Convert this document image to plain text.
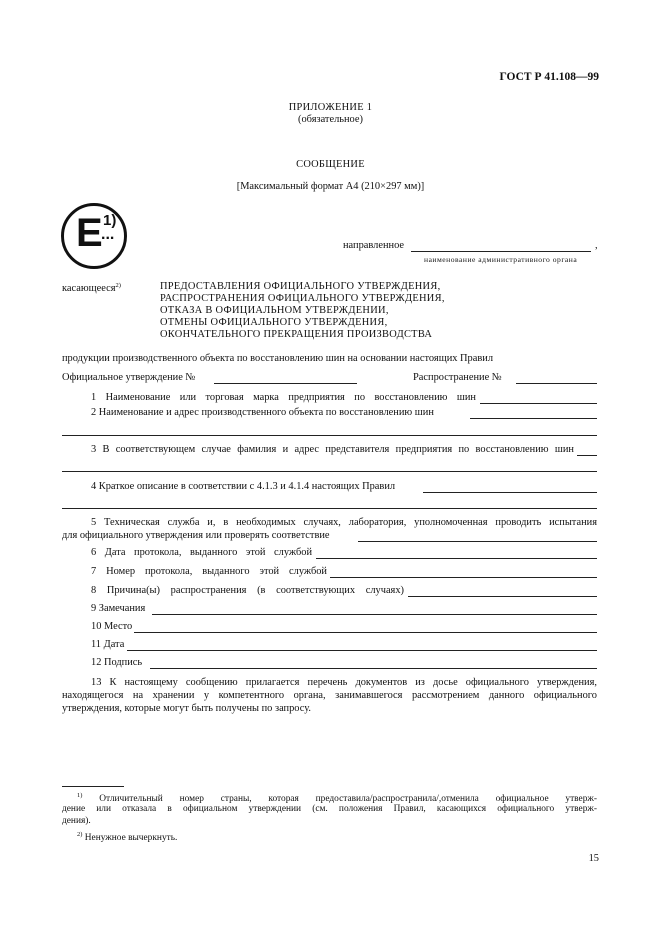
ГОСТ Р 41.108—99
ПРИЛОЖЕНИЕ 1
(обязательное)
СООБЩЕНИЕ
[Максимальный формат А4 (210×297 мм)]
E 1)
...
направленное	,
наименование административного органа
касающееся$^{2)}$	ПРЕДОСТАВЛЕНИЯ ОФИЦИАЛЬНОГО УТВЕРЖДЕНИЯ,
РАСПРОСТРАНЕНИЯ ОФИЦИАЛЬНОГО УТВЕРЖДЕНИЯ,
ОТКАЗА В ОФИЦИАЛЬНОМ УТВЕРЖДЕНИИ,
ОТМЕНЫ ОФИЦИАЛЬНОГО УТВЕРЖДЕНИЯ,
ОКОНЧАТЕЛЬНОГО ПРЕКРАЩЕНИЯ ПРОИЗВОДСТВА
продукции производственного объекта по восстановлению шин на основании настоящих Правил
Официальное утверждение №	Распространение №
1 Наименование или торговая марка предприятия по восстановлению шин
2 Наименование и адрес производственного объекта по восстановлению шин
3 В соответствующем случае фамилия и адрес представителя предприятия по восстановлению шин
4 Краткое описание в соответствии с 4.1.3 и 4.1.4 настоящих Правил
5 Техническая служба и, в необходимых случаях, лаборатория, уполномоченная проводить испытания
для официального утверждения или проверять соответствие
6 Дата протокола, выданного этой службой
7 Номер протокола, выданного этой службой
8 Причина(ы) распространения (в соответствующих случаях)
9 Замечания
10 Место
11 Дата
12 Подпись
13 К настоящему сообщению прилагается перечень документов из досье официального утверждения,
находящегося на хранении у компетентного органа, занимавшегося рассмотрением данного официального
утверждения, которые могут быть получены по запросу.
$^{1)}$ Отличительный номер страны, которая предоставила/распространила/,отменила официальное утверж-
дение или отказала в официальном утверждении (см. положения Правил, касающихся официального утверж-
дения).
$^{2)}$ Ненужное вычеркнуть.
15
